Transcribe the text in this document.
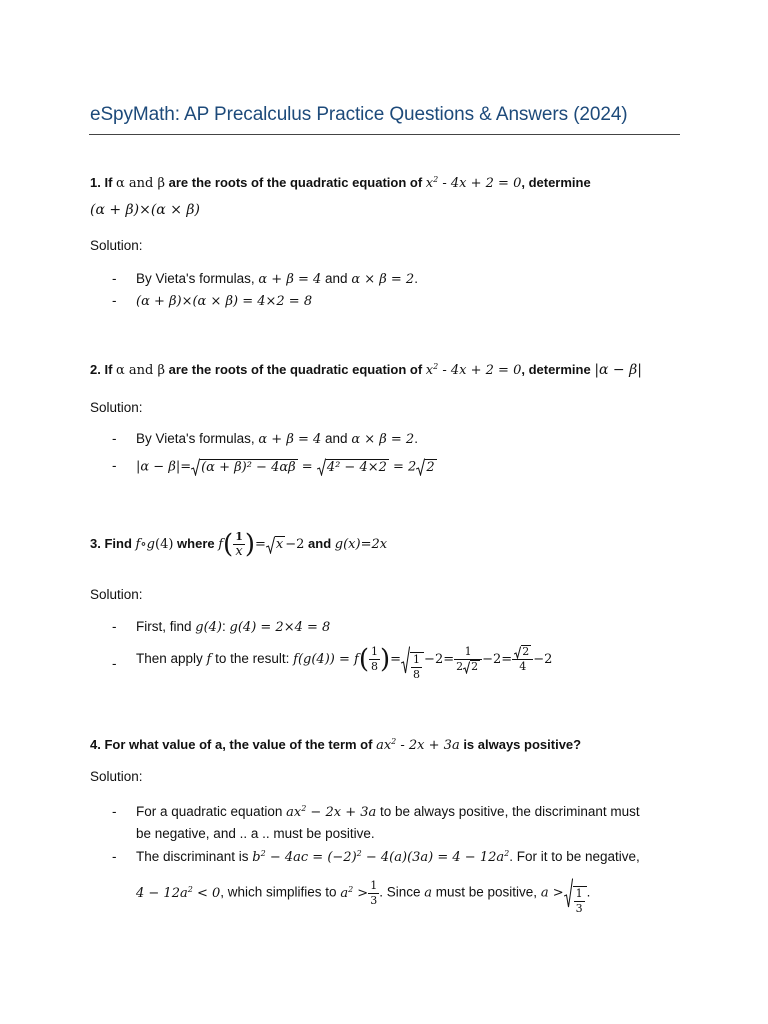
eSpyMath: AP Precalculus Practice Questions & Answers (2024)
1. If α and β are the roots of the quadratic equation of $x^2 - 4x + 2 = 0$, determine
(α + β)×(α × β)
Solution:
- By Vieta's formulas, α + β = 4 and α × β = 2.
- (α + β)×(α × β) = 4×2 = 8
2. If α and β are the roots of the quadratic equation of $x^2 - 4x + 2 = 0$, determine |α − β|
Solution:
- By Vieta's formulas, α + β = 4 and α × β = 2.
- |α − β|= (α + β)² − 4αβ = 4² − 4×2 = 2 2
3. Find f∘g(4) where $f( \frac{1}{x}$ )= x −2 and g(x)=2x
Solution:
- First, find g(4): g(4) = 2×4 = 8
- Then apply f to the result: $f(g(4)) = f( \frac{1}{8}$ )= $\frac{1}{8} -2= \frac{1}{2 2} -2= \frac{2}{4} -2$
4. For what value of a, the value of the term of $ax^2 - 2x + 3a$ is always positive?
Solution:
- For a quadratic equation $ax^2 - 2x + 3a$ to be always positive, the discriminant must
be negative, and .. a .. must be positive.
- The discriminant is $b^2 - 4ac = (-2)^2 - 4(a)(3a) = 4 - 12a^2$. For it to be negative,
$4 - 12a^2 < 0$, which simplifies to $a^2 > \frac{1}{3}$ . Since a must be positive, $a > \frac{1}{3}$ .
